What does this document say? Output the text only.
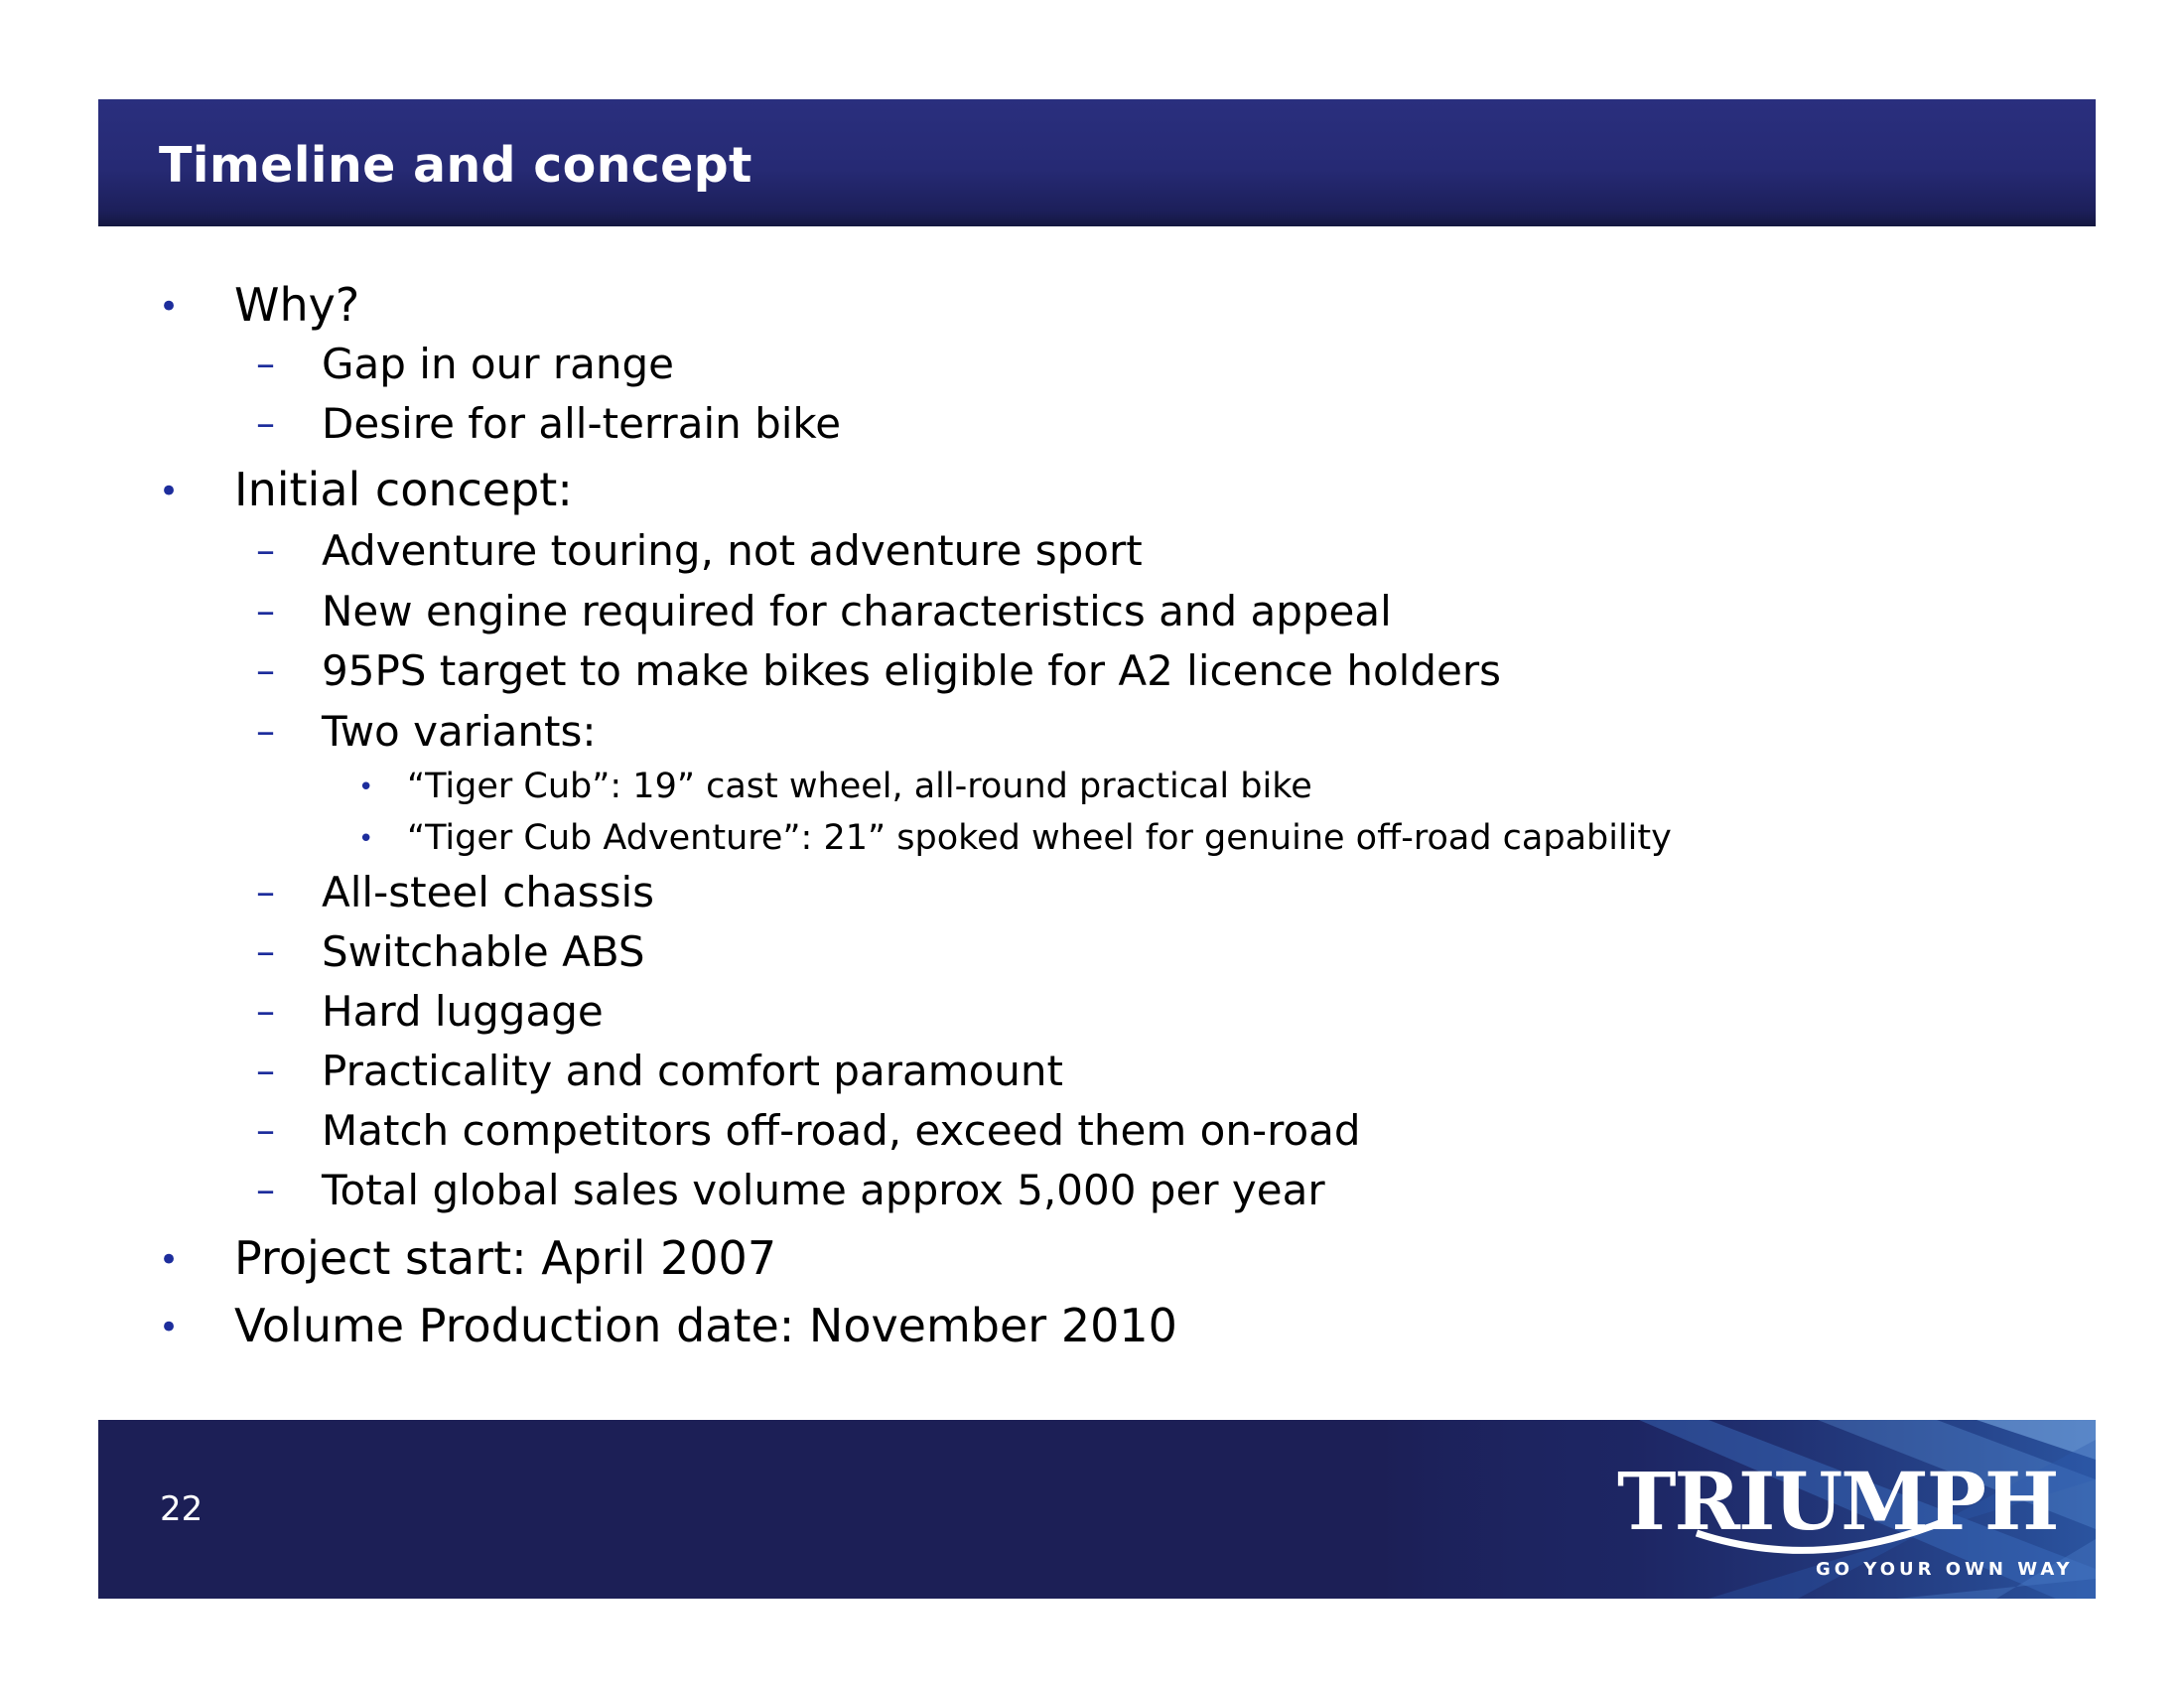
Timeline and concept
• Why?
– Gap in our range
– Desire for all-terrain bike
• Initial concept:
– Adventure touring, not adventure sport
– New engine required for characteristics and appeal
– 95PS target to make bikes eligible for A2 licence holders
– Two variants:
• “Tiger Cub”: 19” cast wheel, all-round practical bike
• “Tiger Cub Adventure”: 21” spoked wheel for genuine off-road capability
– All-steel chassis
– Switchable ABS
– Hard luggage
– Practicality and comfort paramount
– Match competitors off-road, exceed them on-road
– Total global sales volume approx 5,000 per year
• Project start: April 2007
• Volume Production date: November 2010
22	TRIUMPH
GO YOUR OWN WAY
